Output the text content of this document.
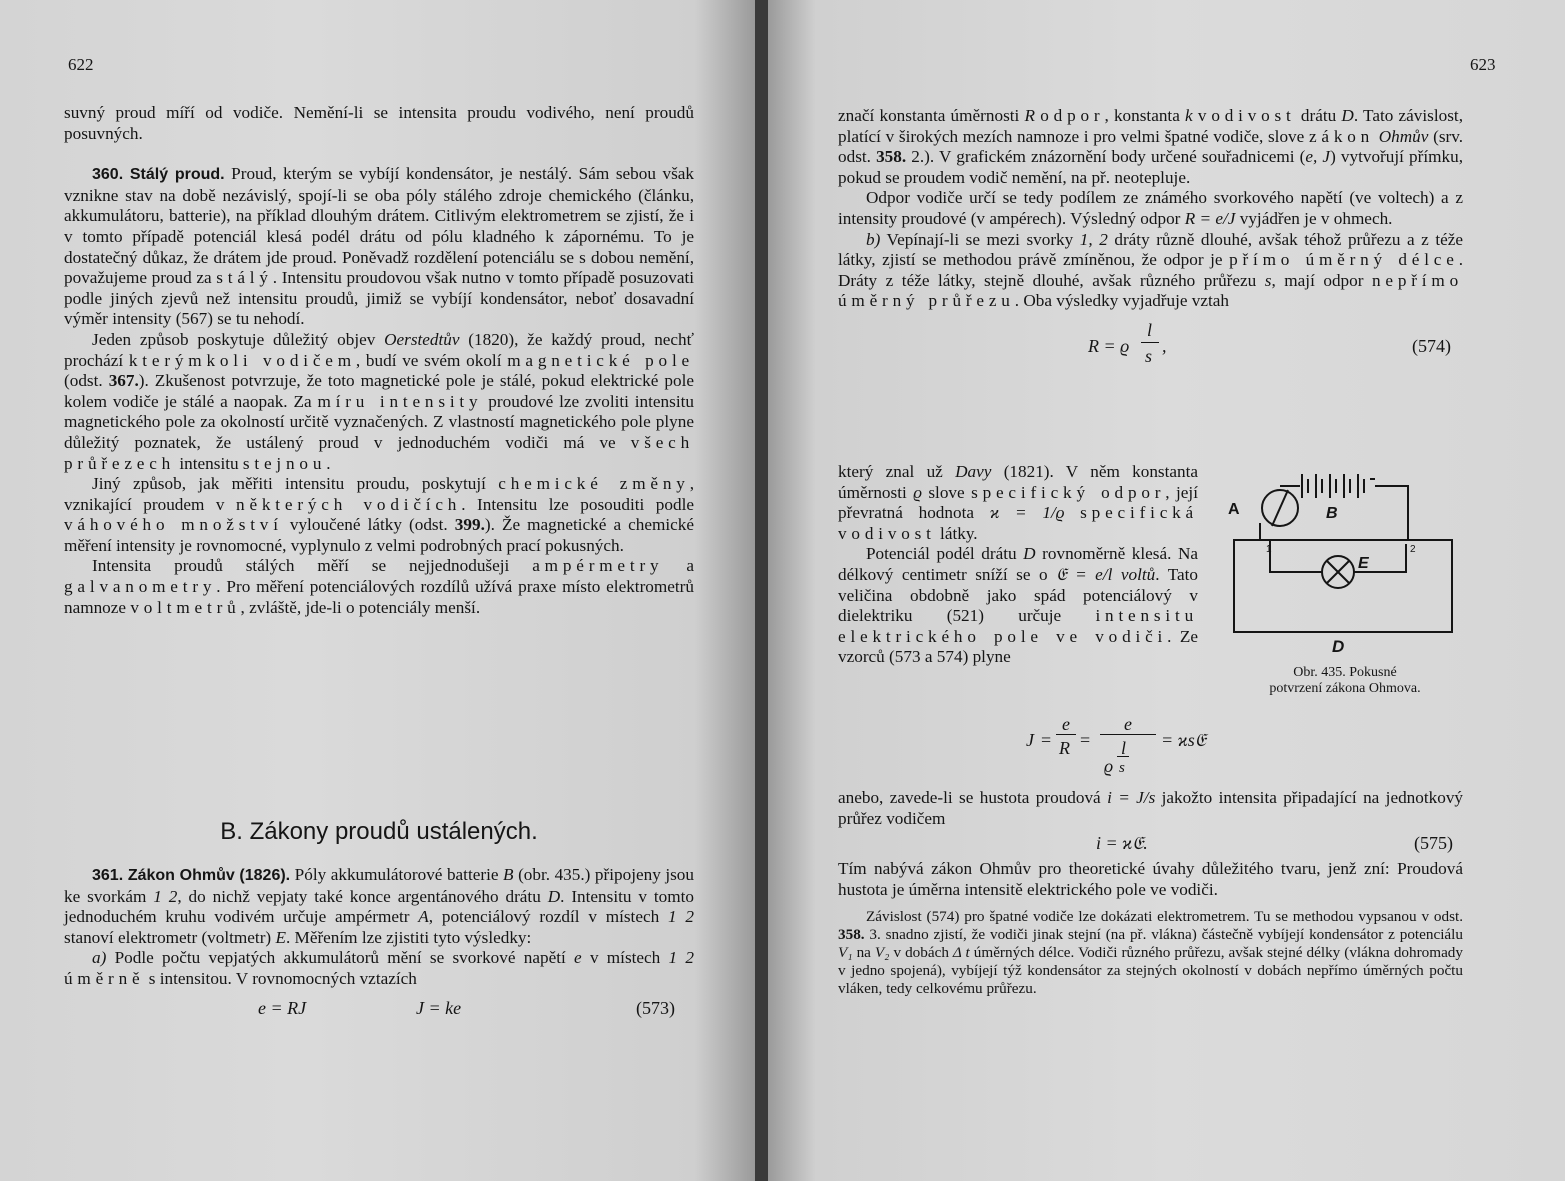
622

suvný proud míří od vodiče. Nemění-li se intensita proudu vodivého, není proudů posuvných.

360. Stálý proud. Proud, kterým se vybíjí kondensátor, je nestálý. Sám sebou však vznikne stav na době nezávislý, spojí-li se oba póly stálého zdroje chemického (článku, akkumulátoru, batterie), na příklad dlouhým drátem. Citlivým elektrometrem se zjistí, že i v tomto případě potenciál klesá podél drátu od pólu kladného k zápornému. To je dostatečný důkaz, že drátem jde proud. Poněvadž rozdělení potenciálu se s dobou nemění, považujeme proud za stálý. Intensitu proudovou však nutno v tomto případě posuzovati podle jiných zjevů než intensitu proudů, jimiž se vybíjí kondensátor, neboť dosavadní výměr intensity (567) se tu nehodí.

Jeden způsob poskytuje důležitý objev Oerstedtův (1820), že každý proud, nechť prochází kterýmkoli vodičem, budí ve svém okolí magnetické pole (odst. 367.). Zkušenost potvrzuje, že toto magnetické pole je stálé, pokud elektrické pole kolem vodiče je stálé a naopak. Za míru intensity proudové lze zvoliti intensitu magnetického pole za okolností určitě vyznačených. Z vlastností magnetického pole plyne důležitý poznatek, že ustálený proud v jednoduchém vodiči má ve všech průřezech intensitu stejnou.

Jiný způsob, jak měřiti intensitu proudu, poskytují chemické změny, vznikající proudem v některých vodičích. Intensitu lze posouditi podle váhového množství vyloučené látky (odst. 399.). Že magnetické a chemické měření intensity je rovnomocné, vyplynulo z velmi podrobných prací pokusných.

Intensita proudů stálých měří se nejjednodušeji ampérmetry a galvanometry. Pro měření potenciálových rozdílů užívá praxe místo elektrometrů namnoze voltmetrů, zvláště, jde-li o potenciály menší.

B. Zákony proudů ustálených.

361. Zákon Ohmův (1826). Póly akkumulátorové batterie B (obr. 435.) připojeny jsou ke svorkám 1 2, do nichž vepjaty také konce argentánového drátu D. Intensitu v tomto jednoduchém kruhu vodivém určuje ampérmetr A, potenciálový rozdíl v místech 1 2 stanoví elektrometr (voltmetr) E. Měřením lze zjistiti tyto výsledky:

a) Podle počtu vepjatých akkumulátorů mění se svorkové napětí e v místech 1 2 úměrně s intensitou. V rovnomocných vztazích

e = RJ	J = ke	(573)
623

značí konstanta úměrnosti R odpor, konstanta k vodivost drátu D. Tato závislost, platící v širokých mezích namnoze i pro velmi špatné vodiče, slove zákon Ohmův (srv. odst. 358. 2.). V grafickém znázornění body určené souřadnicemi (e, J) vytvořují přímku, pokud se proudem vodič nemění, na př. neotepluje.

Odpor vodiče určí se tedy podílem ze známého svorkového napětí (ve voltech) a z intensity proudové (v ampérech). Výsledný odpor R = e/J vyjádřen je v ohmech.

b) Vepínají-li se mezi svorky 1, 2 dráty různě dlouhé, avšak téhož průřezu a z téže látky, zjistí se methodou právě zmíněnou, že odpor je přímo úměrný délce. Dráty z téže látky, stejně dlouhé, avšak různého průřezu s, mají odpor nepřímo úměrný průřezu. Oba výsledky vyjadřuje vztah

R = ϱ
l
s ,	(574)

který znal už Davy (1821). V něm konstanta úměrnosti ϱ slove specifický odpor, její převratná hodnota ϰ = 1/ϱ specifická vodivost látky.

Potenciál podél drátu D rovnoměrně klesá. Na délkový centimetr sníží se o 𝔈 = e/l voltů. Tato veličina obdobně jako spád potenciálový v dielektriku (521) určuje intensitu elektrického pole ve vodiči. Ze vzorců (573 a 574) plyne

J =
e
R =
e
l
ϱ s
= ϰs𝔈

anebo, zavede-li se hustota proudová i = J/s jakožto intensita připadající na jednotkový průřez vodičem

i = ϰ𝔈.	(575)

Tím nabývá zákon Ohmův pro theoretické úvahy důležitého tvaru, jenž zní: Proudová hustota je úměrna intensitě elektrického pole ve vodiči.

Závislost (574) pro špatné vodiče lze dokázati elektrometrem. Tu se methodou vypsanou v odst. 358. 3. snadno zjistí, že vodiči jinak stejní (na př. vlákna) částečně vybíjejí kondensátor z potenciálu V₁ na V₂ v dobách Δ t úměrných délce. Vodiči různého průřezu, avšak stejné délky (vlákna dohromady v jedno spojená), vybíjejí týž kondensátor za stejných okolností v dobách nepřímo úměrných počtu vláken, tedy celkovému průřezu.

A	B
E
D
1	2
Obr. 435. Pokusné
potvrzení zákona Ohmova.
